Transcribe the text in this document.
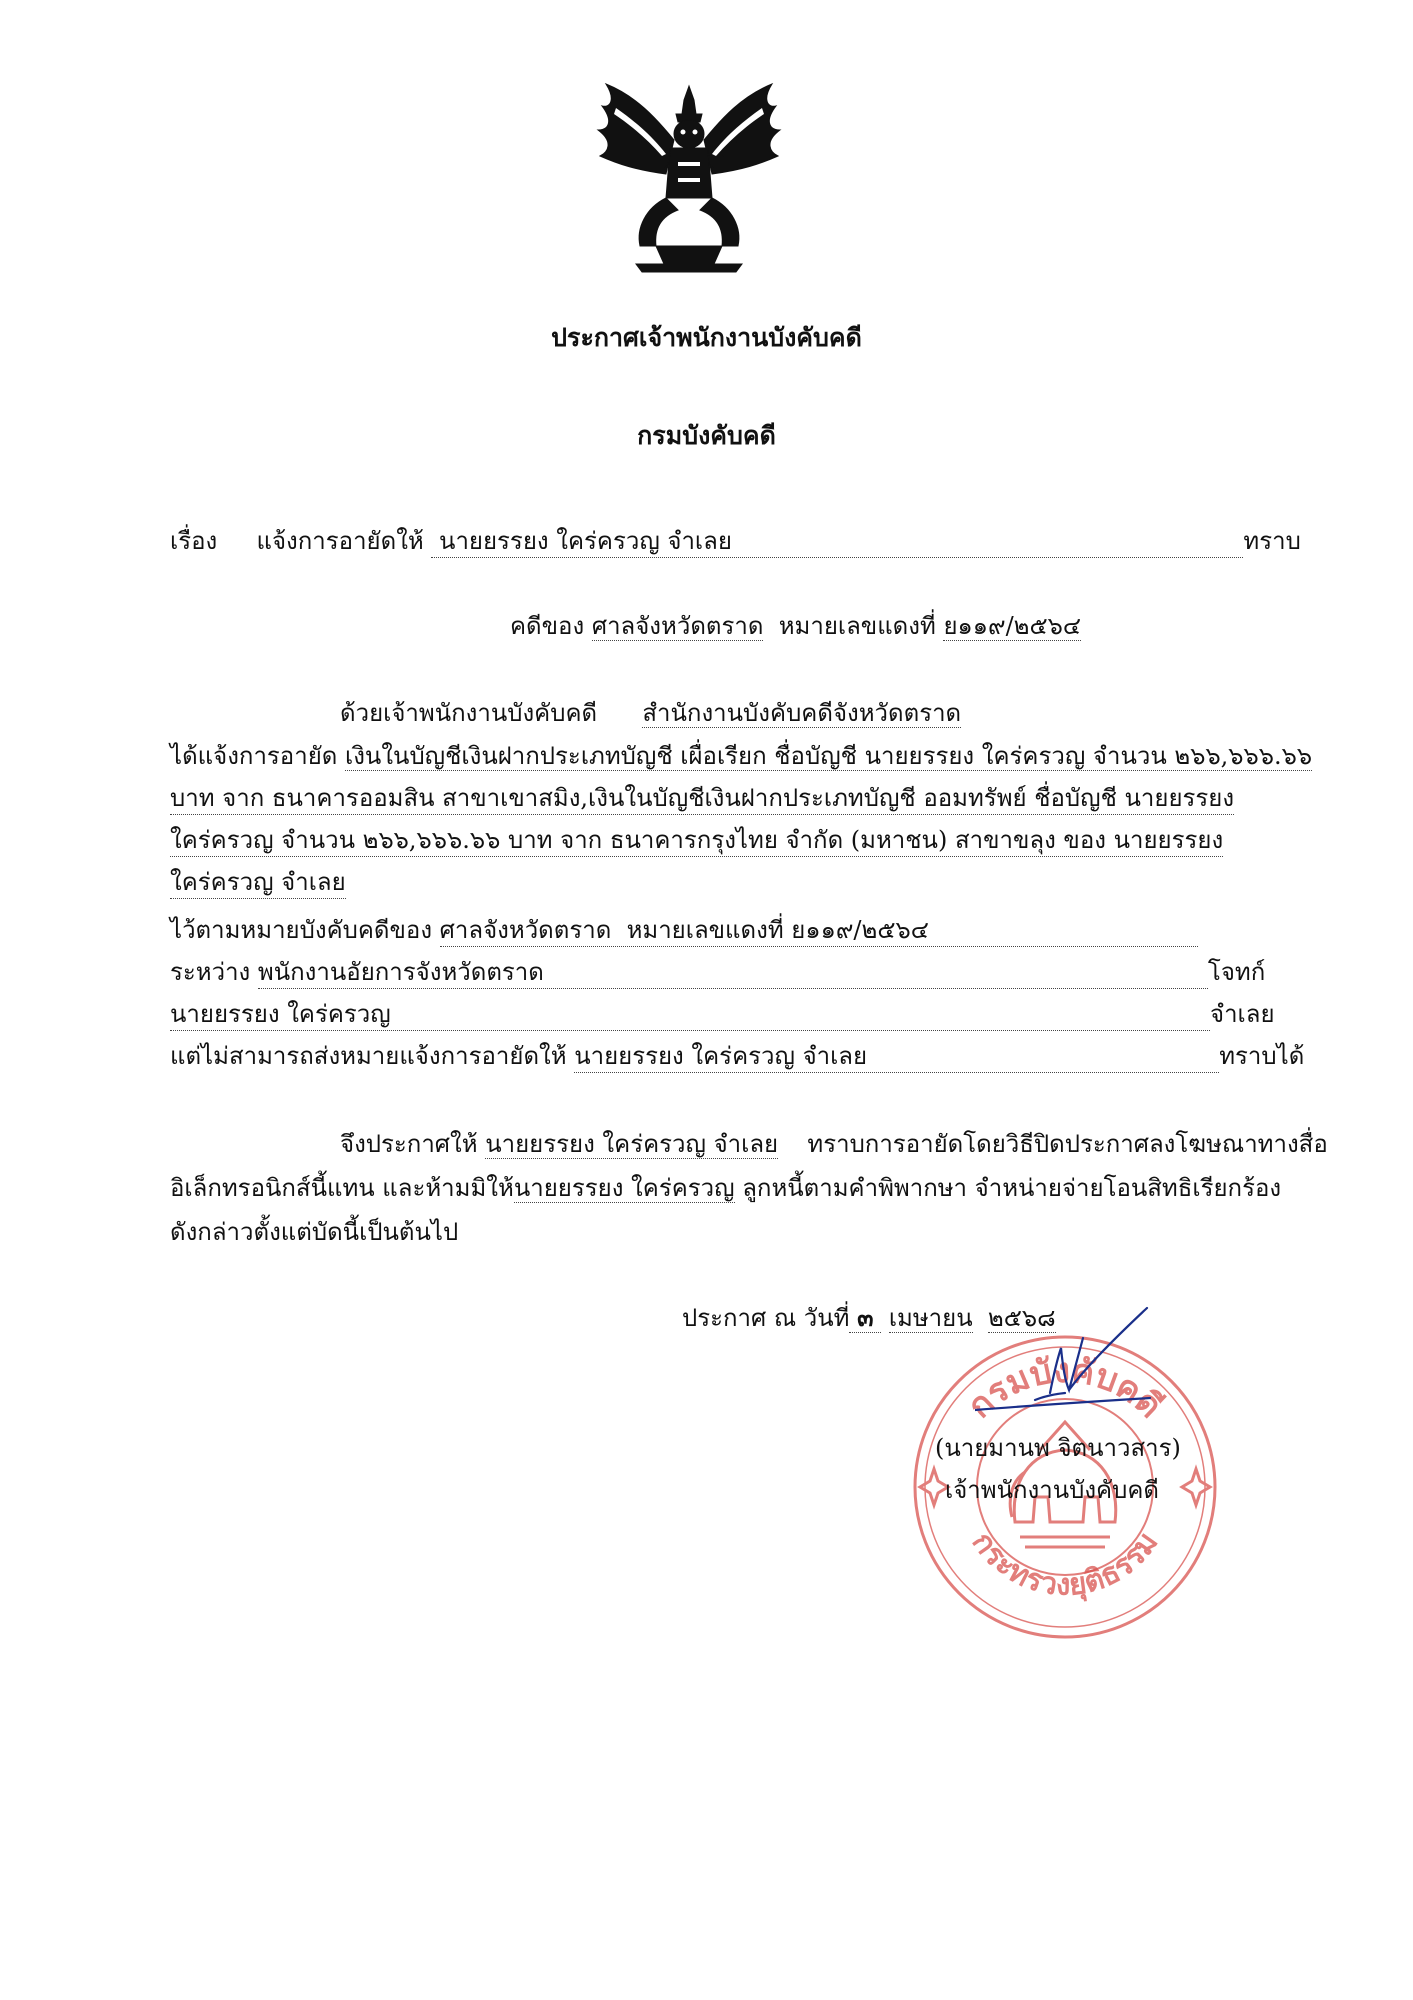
ประกาศเจ้าพนักงานบังคับคดี
กรมบังคับคดี
เรื่อง แจ้งการอายัดให้ นายยรรยง ใคร่ครวญ จำเลย	ทราบ
คดีของ ศาลจังหวัดตราด หมายเลขแดงที่ ย๑๑๙/๒๕๖๔
ด้วยเจ้าพนักงานบังคับคดี สำนักงานบังคับคดีจังหวัดตราด
ได้แจ้งการอายัด เงินในบัญชีเงินฝากประเภทบัญชี เผื่อเรียก ชื่อบัญชี นายยรรยง ใคร่ครวญ จำนวน ๒๖๖,๖๖๖.๖๖
บาท จาก ธนาคารออมสิน สาขาเขาสมิง,เงินในบัญชีเงินฝากประเภทบัญชี ออมทรัพย์ ชื่อบัญชี นายยรรยง
ใคร่ครวญ จำนวน ๒๖๖,๖๖๖.๖๖ บาท จาก ธนาคารกรุงไทย จำกัด (มหาชน) สาขาขลุง ของ นายยรรยง
ใคร่ครวญ จำเลย
ไว้ตามหมายบังคับคดีของ ศาลจังหวัดตราด หมายเลขแดงที่ ย๑๑๙/๒๕๖๔
ระหว่าง พนักงานอัยการจังหวัดตราด	โจทก์
นายยรรยง ใคร่ครวญ	จำเลย
แต่ไม่สามารถส่งหมายแจ้งการอายัดให้ นายยรรยง ใคร่ครวญ จำเลย	ทราบได้
จึงประกาศให้ นายยรรยง ใคร่ครวญ จำเลย ทราบการอายัดโดยวิธีปิดประกาศลงโฆษณาทางสื่อ
อิเล็กทรอนิกส์นี้แทน และห้ามมิให้นายยรรยง ใคร่ครวญ ลูกหนี้ตามคำพิพากษา จำหน่ายจ่ายโอนสิทธิเรียกร้อง
ดังกล่าวตั้งแต่บัดนี้เป็นต้นไป
กรมบังคับคดี
กระทรวงยุติธรรม
ประกาศ ณ วันที่ ๓ เมษายน ๒๕๖๘
(นายมานพ จิตนาวสาร)
เจ้าพนักงานบังคับคดี
